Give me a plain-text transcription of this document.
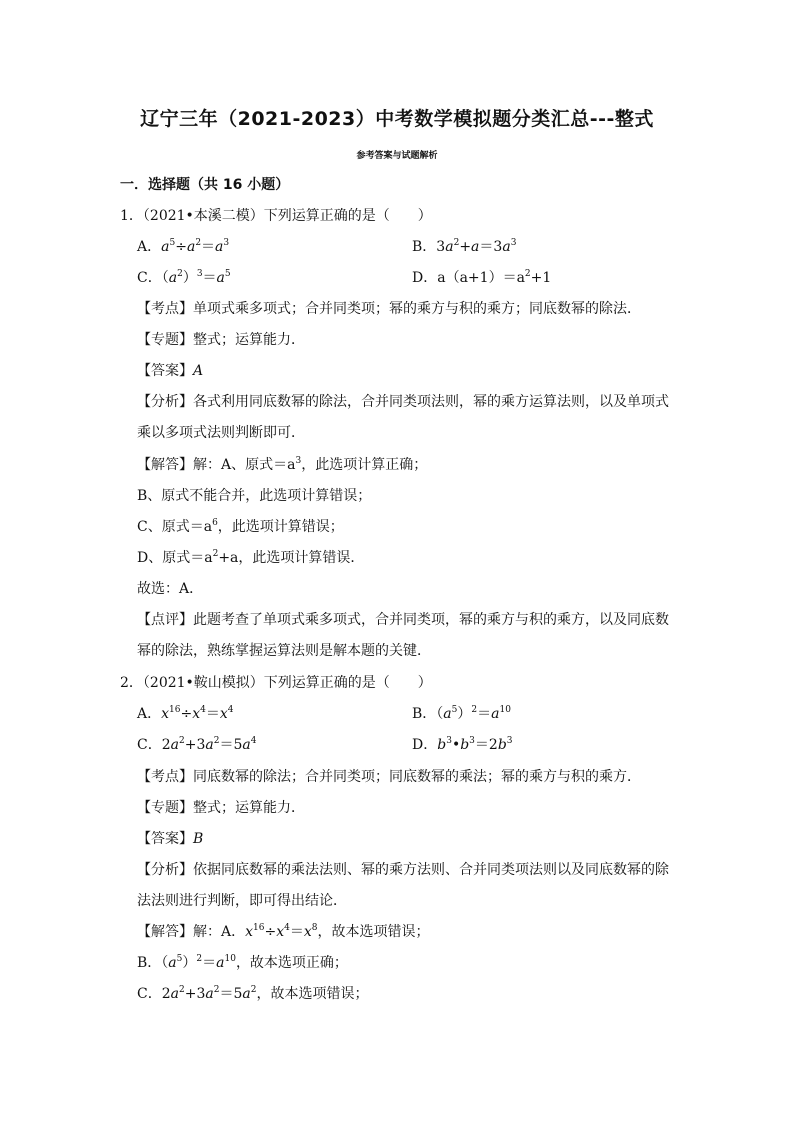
辽宁三年（2021-2023）中考数学模拟题分类汇总---整式
参考答案与试题解析
一．选择题（共 16 小题）
1．（2021•本溪二模）下列运算正确的是（　　）
A．$a^5\div a^2=a^3$	B．$3a^2+a=3a^3$
C．$(a^2)^3=a^5$	D．$a(a+1)=a^2+1$
【考点】单项式乘多项式；合并同类项；幂的乘方与积的乘方；同底数幂的除法．
【专题】整式；运算能力．
【答案】A
【分析】各式利用同底数幂的除法，合并同类项法则，幂的乘方运算法则，以及单项式
乘以多项式法则判断即可．
【解答】解：A、原式$=a^3$，此选项计算正确；
B、原式不能合并，此选项计算错误；
C、原式$=a^6$，此选项计算错误；
D、原式$=a^2+a$，此选项计算错误．
故选：A．
【点评】此题考查了单项式乘多项式，合并同类项，幂的乘方与积的乘方，以及同底数
幂的除法，熟练掌握运算法则是解本题的关键．
2．（2021•鞍山模拟）下列运算正确的是（　　）
A．$x^{16}\div x^4=x^4$	B．$(a^5)^2=a^{10}$
C．$2a^2+3a^2=5a^4$	D．$b^3•b^3=2b^3$
【考点】同底数幂的除法；合并同类项；同底数幂的乘法；幂的乘方与积的乘方．
【专题】整式；运算能力．
【答案】B
【分析】依据同底数幂的乘法法则、幂的乘方法则、合并同类项法则以及同底数幂的除
法法则进行判断，即可得出结论．
【解答】解：A．$x^{16}\div x^4=x^8$，故本选项错误；
B．$(a^5)^2=a^{10}$，故本选项正确；
C．$2a^2+3a^2=5a^2$，故本选项错误；
